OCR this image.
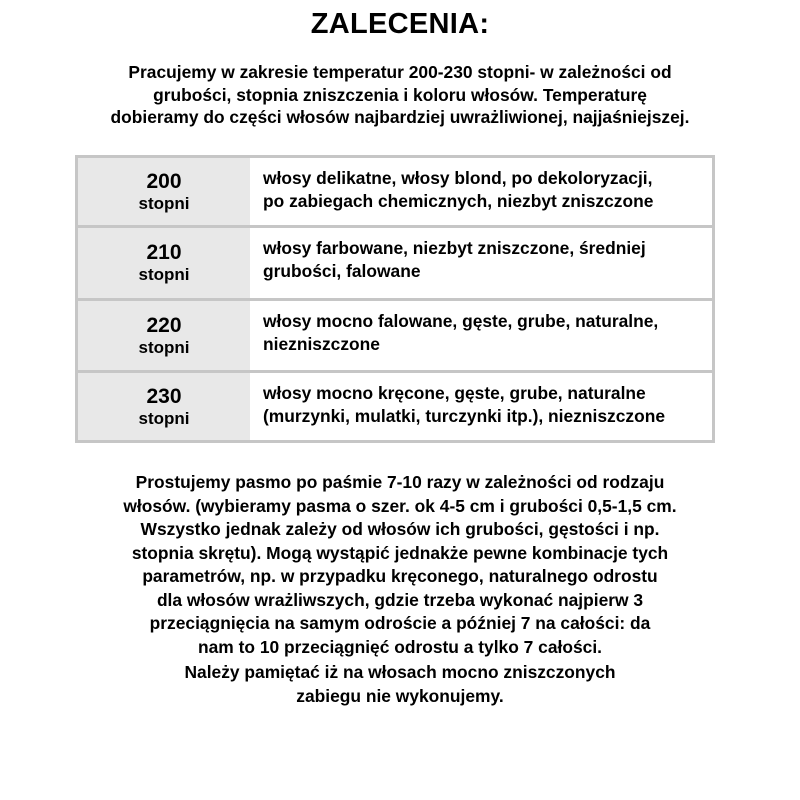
ZALECENIA:
Pracujemy w zakresie temperatur 200-230 stopni- w zależności od
grubości, stopnia zniszczenia i koloru włosów. Temperaturę
dobieramy do części włosów najbardziej uwrażliwionej, najjaśniejszej.
200
stopni
włosy delikatne, włosy blond, po dekoloryzacji,
po zabiegach chemicznych, niezbyt zniszczone
210
stopni
włosy farbowane, niezbyt zniszczone, średniej
grubości, falowane
220
stopni
włosy mocno falowane, gęste, grube, naturalne,
niezniszczone
230
stopni
włosy mocno kręcone, gęste, grube, naturalne
(murzynki, mulatki, turczynki itp.), niezniszczone
Prostujemy pasmo po paśmie 7-10 razy w zależności od rodzaju
włosów. (wybieramy pasma o szer. ok 4-5 cm i grubości 0,5-1,5 cm.
Wszystko jednak zależy od włosów ich grubości, gęstości i np.
stopnia skrętu). Mogą wystąpić jednakże pewne kombinacje tych
parametrów, np. w przypadku kręconego, naturalnego odrostu
dla włosów wrażliwszych, gdzie trzeba wykonać najpierw 3
przeciągnięcia na samym odroście a później 7 na całości: da
nam to 10 przeciągnięć odrostu a tylko 7 całości.
Należy pamiętać iż na włosach mocno zniszczonych
zabiegu nie wykonujemy.
